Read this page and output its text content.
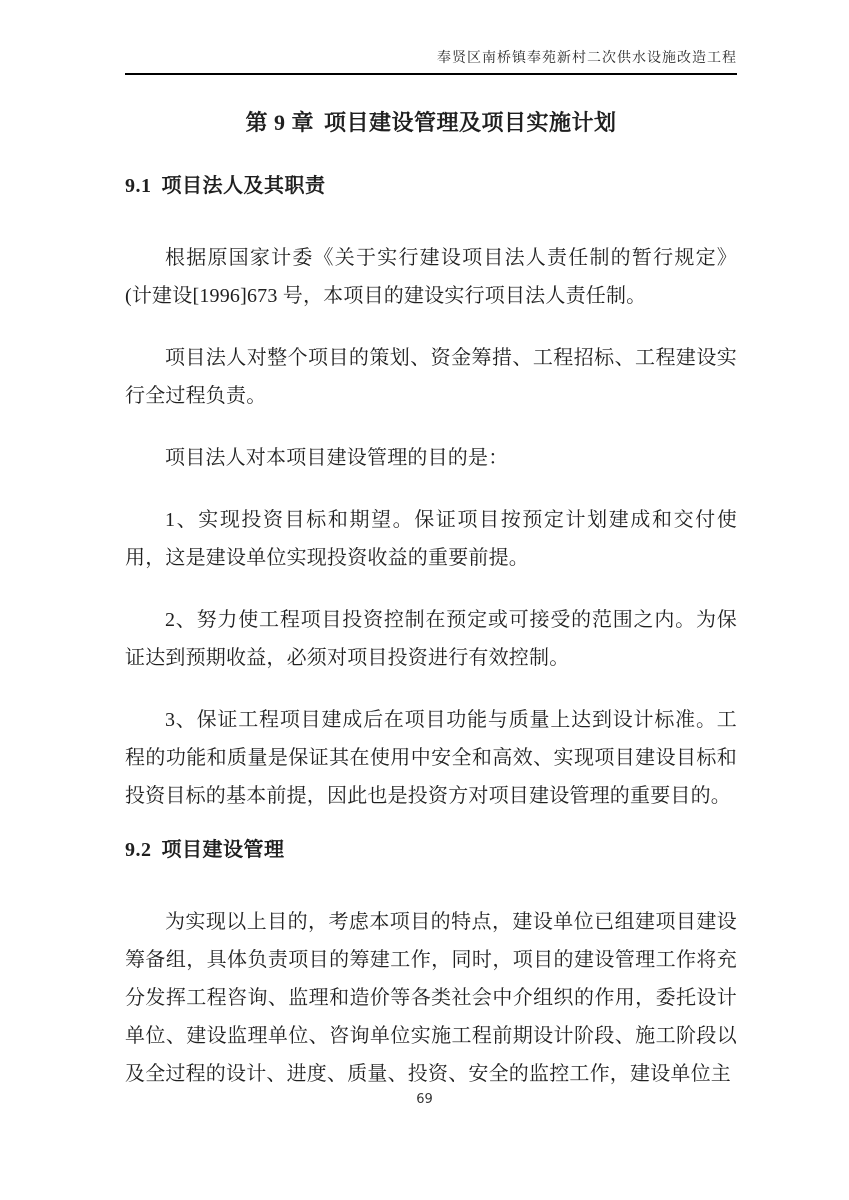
奉贤区南桥镇奉苑新村二次供水设施改造工程
第 9 章 项目建设管理及项目实施计划
9.1 项目法人及其职责

根据原国家计委《关于实行建设项目法人责任制的暂行规定》(计建设[1996]673 号，本项目的建设实行项目法人责任制。

项目法人对整个项目的策划、资金筹措、工程招标、工程建设实行全过程负责。

项目法人对本项目建设管理的目的是：

1、实现投资目标和期望。保证项目按预定计划建成和交付使用，这是建设单位实现投资收益的重要前提。

2、努力使工程项目投资控制在预定或可接受的范围之内。为保证达到预期收益，必须对项目投资进行有效控制。

3、保证工程项目建成后在项目功能与质量上达到设计标准。工程的功能和质量是保证其在使用中安全和高效、实现项目建设目标和投资目标的基本前提，因此也是投资方对项目建设管理的重要目的。

9.2 项目建设管理

为实现以上目的，考虑本项目的特点，建设单位已组建项目建设筹备组，具体负责项目的筹建工作，同时，项目的建设管理工作将充分发挥工程咨询、监理和造价等各类社会中介组织的作用，委托设计单位、建设监理单位、咨询单位实施工程前期设计阶段、施工阶段以及全过程的设计、进度、质量、投资、安全的监控工作，建设单位主

69
